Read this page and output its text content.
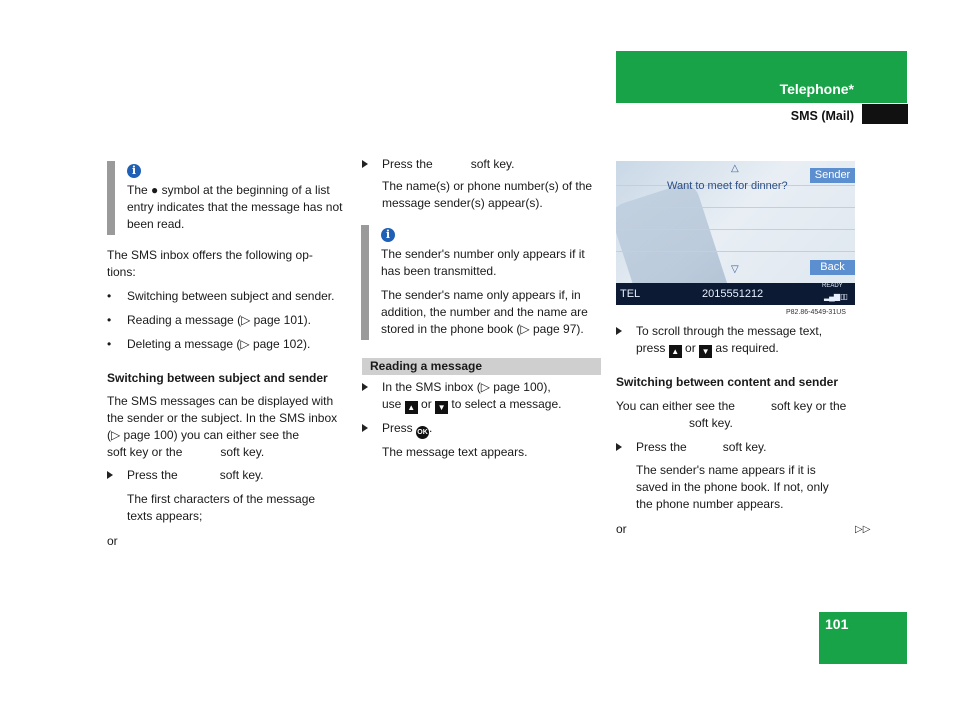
Telephone*
SMS (Mail)
101
i
The ● symbol at the beginning of a list entry indicates that the message has not been read.
The SMS inbox offers the following op-
tions:
• Switching between subject and sender.
• Reading a message (▷ page 101).
• Deleting a message (▷ page 102).
Switching between subject and sender
The SMS messages can be displayed with
the sender or the subject. In the SMS inbox
(▷ page 100) you can either see the
soft key or the	soft key.
Press the	soft key.
The first characters of the message
texts appears;
or
Press the	soft key.
The name(s) or phone number(s) of the
message sender(s) appear(s).
i
The sender's number only appears if it
has been transmitted.
The sender's name only appears if, in
addition, the number and the name are
stored in the phone book (▷ page 97).
Reading a message
In the SMS inbox (▷ page 100),
use ▲ or ▼ to select a message.
Press OK.
The message text appears.
△
Want to meet for dinner?
Sender
Back
▽
TEL	2015551212
READY
▂▄▆ ▯▯
P82.86-4549-31US
To scroll through the message text,
press ▲ or ▼ as required.
Switching between content and sender
You can either see the	soft key or the
soft key.
Press the	soft key.
The sender's name appears if it is
saved in the phone book. If not, only
the phone number appears.
or	▷▷
